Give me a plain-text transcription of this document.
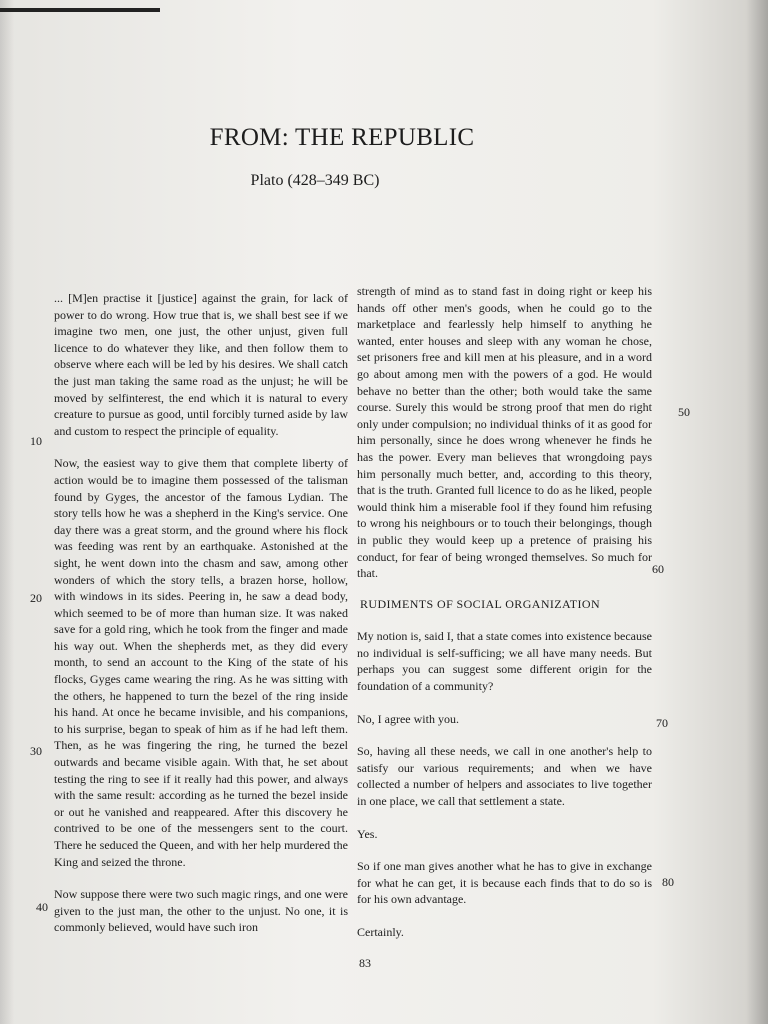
FROM: THE REPUBLIC
Plato (428–349 BC)

... [M]en practise it [justice] against the grain, for lack of power to do wrong. How true that is, we shall best see if we imagine two men, one just, the other unjust, given full licence to do whatever they like, and then follow them to observe where each will be led by his desires. We shall catch the just man taking the same road as the unjust; he will be moved by selfinterest, the end which it is natural to every creature to pursue as good, until forcibly turned aside by law and custom to respect the principle of equality.

Now, the easiest way to give them that complete liberty of action would be to imagine them possessed of the talisman found by Gyges, the ancestor of the famous Lydian. The story tells how he was a shepherd in the King's service. One day there was a great storm, and the ground where his flock was feeding was rent by an earthquake. Astonished at the sight, he went down into the chasm and saw, among other wonders of which the story tells, a brazen horse, hollow, with windows in its sides. Peering in, he saw a dead body, which seemed to be of more than human size. It was naked save for a gold ring, which he took from the finger and made his way out. When the shepherds met, as they did every month, to send an account to the King of the state of his flocks, Gyges came wearing the ring. As he was sitting with the others, he happened to turn the bezel of the ring inside his hand. At once he became invisible, and his companions, to his surprise, began to speak of him as if he had left them. Then, as he was fingering the ring, he turned the bezel outwards and became visible again. With that, he set about testing the ring to see if it really had this power, and always with the same result: according as he turned the bezel inside or out he vanished and reappeared. After this discovery he contrived to be one of the messengers sent to the court. There he seduced the Queen, and with her help murdered the King and seized the throne.

Now suppose there were two such magic rings, and one were given to the just man, the other to the unjust. No one, it is commonly believed, would have such iron

10
20
30
40

strength of mind as to stand fast in doing right or keep his hands off other men's goods, when he could go to the marketplace and fearlessly help himself to anything he wanted, enter houses and sleep with any woman he chose, set prisoners free and kill men at his pleasure, and in a word go about among men with the powers of a god. He would behave no better than the other; both would take the same course. Surely this would be strong proof that men do right only under compulsion; no individual thinks of it as good for him personally, since he does wrong whenever he finds he has the power. Every man believes that wrongdoing pays him personally much better, and, according to this theory, that is the truth. Granted full licence to do as he liked, people would think him a miserable fool if they found him refusing to wrong his neighbours or to touch their belongings, though in public they would keep up a pretence of praising his conduct, for fear of being wronged themselves. So much for that.

RUDIMENTS OF SOCIAL ORGANIZATION

My notion is, said I, that a state comes into existence because no individual is self-sufficing; we all have many needs. But perhaps you can suggest some different origin for the foundation of a community?

No, I agree with you.

So, having all these needs, we call in one another's help to satisfy our various requirements; and when we have collected a number of helpers and associates to live together in one place, we call that settlement a state.

Yes.

So if one man gives another what he has to give in exchange for what he can get, it is because each finds that to do so is for his own advantage.

Certainly.

50
60
70
80
83
